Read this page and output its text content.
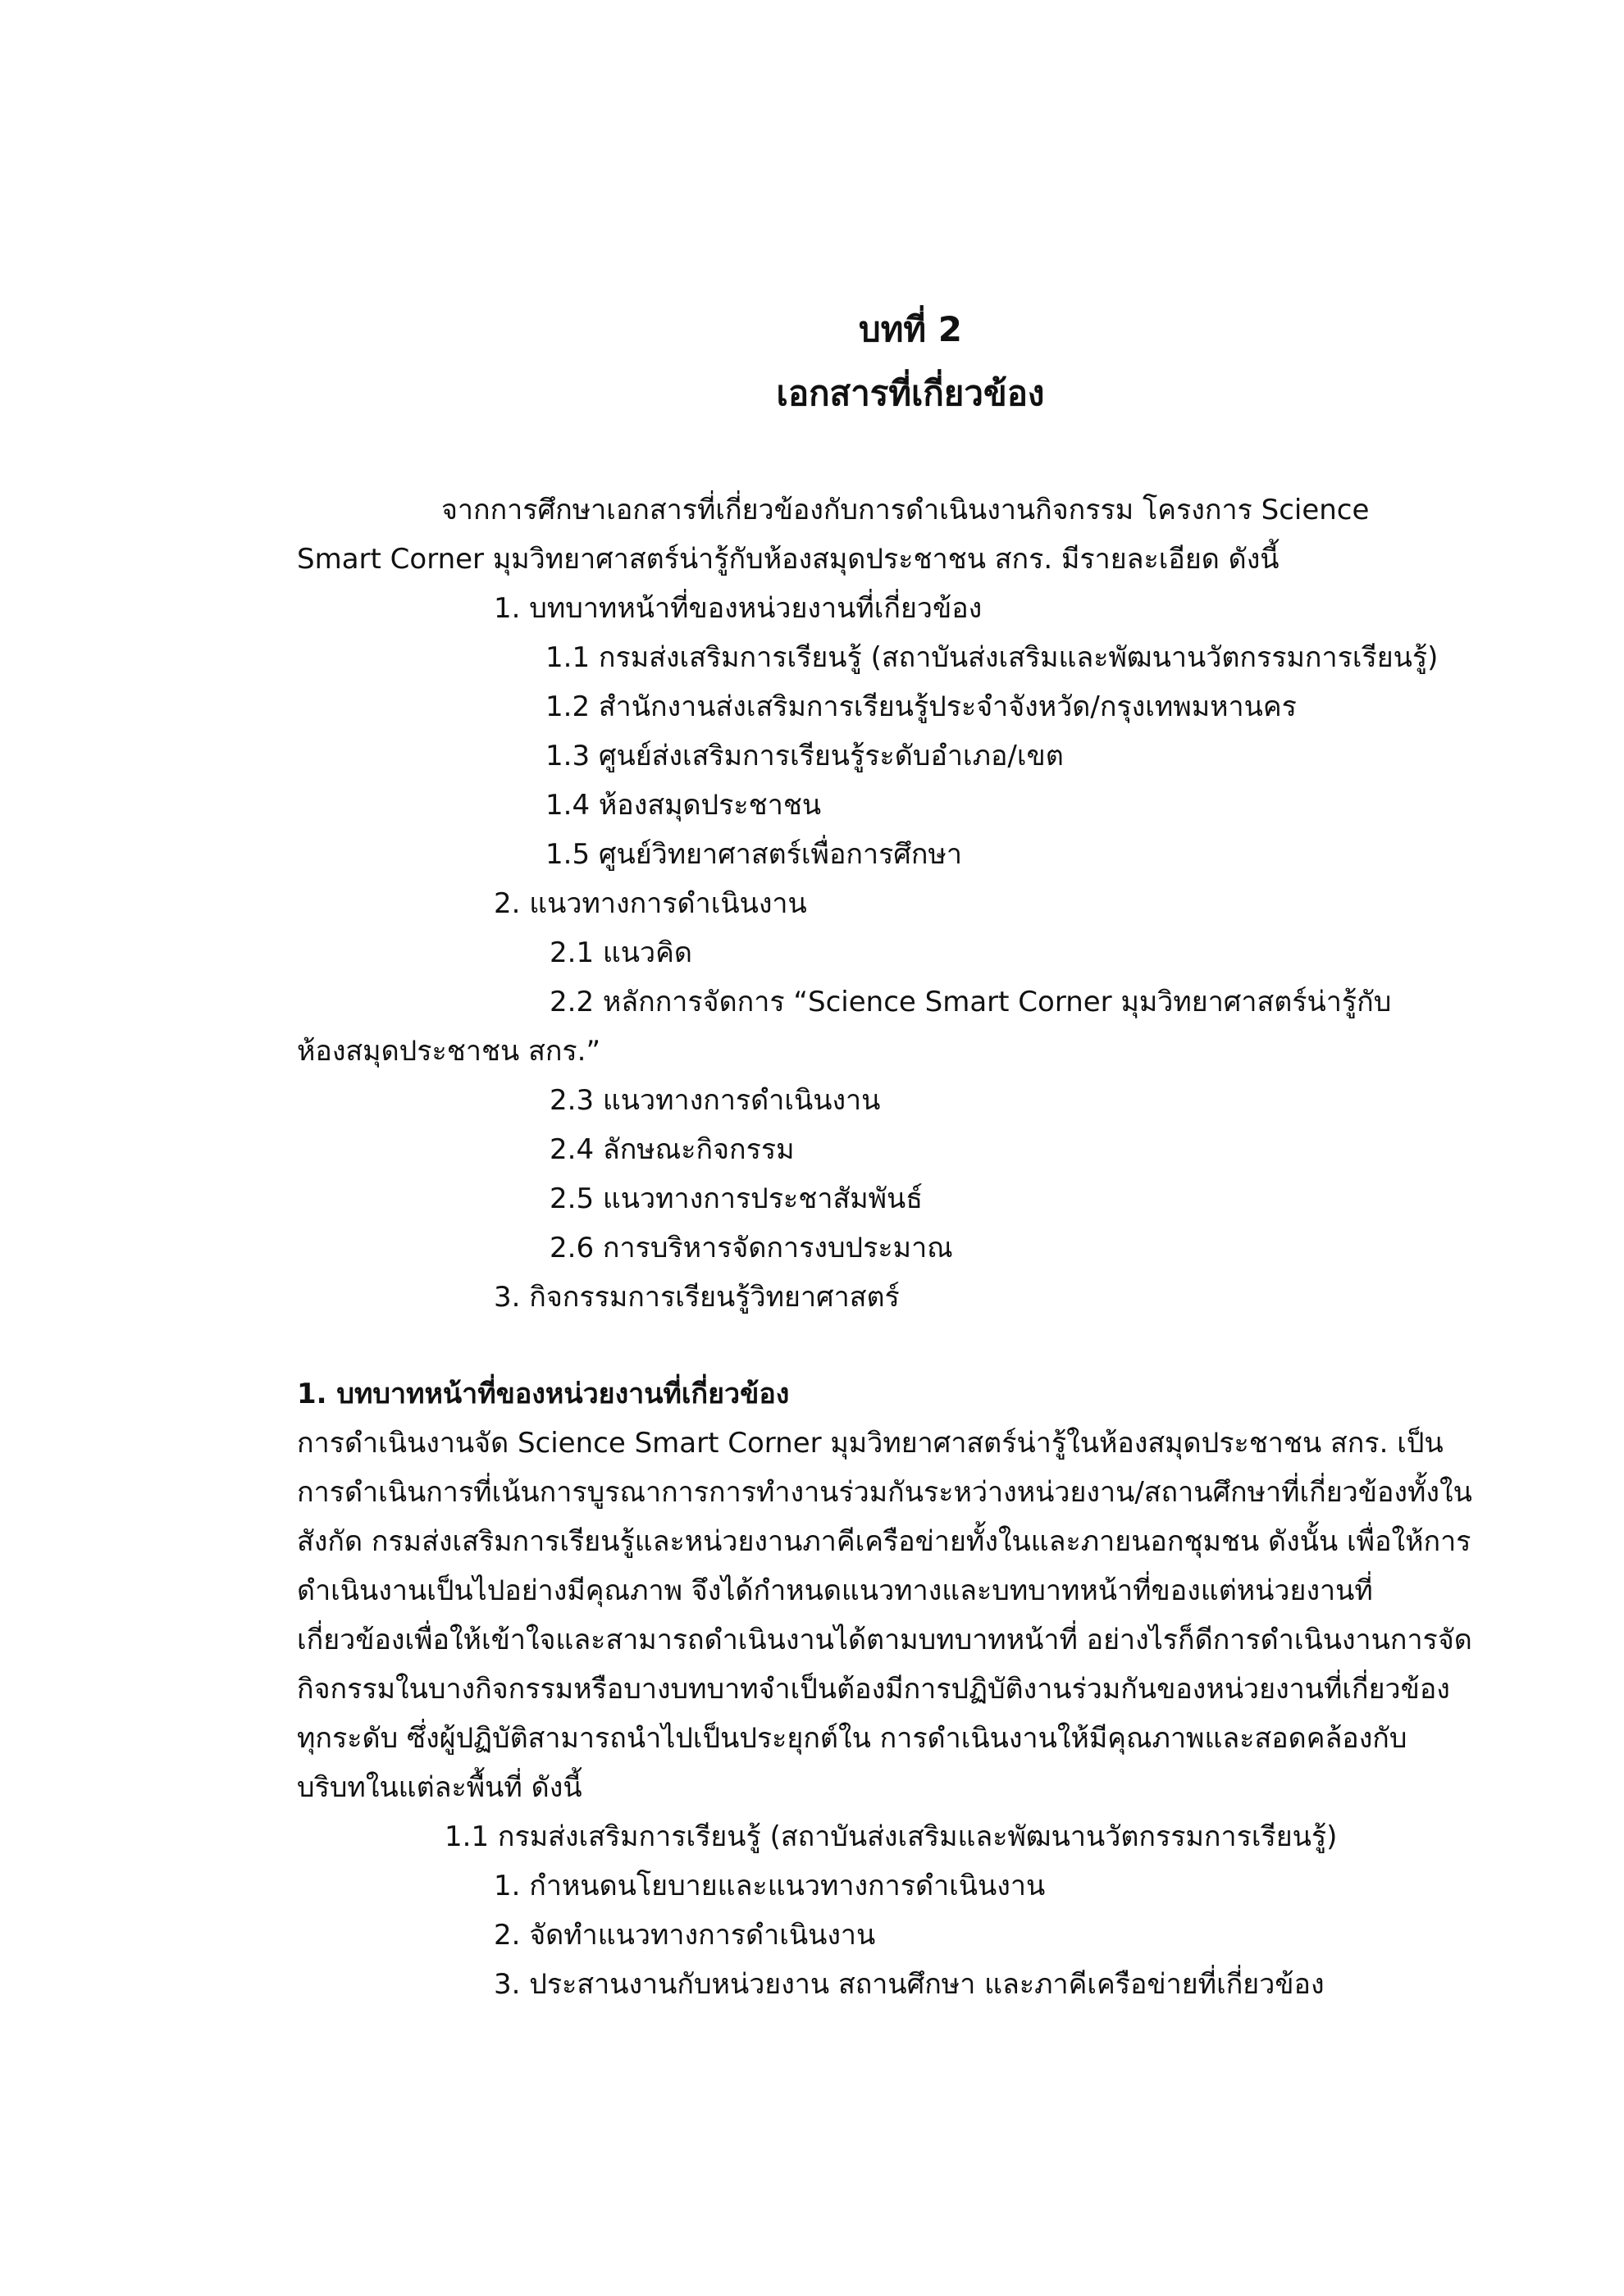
บทที่ 2
เอกสารที่เกี่ยวข้อง
จากการศึกษาเอกสารที่เกี่ยวข้องกับการดำเนินงานกิจกรรม โครงการ Science
Smart Corner มุมวิทยาศาสตร์น่ารู้กับห้องสมุดประชาชน สกร. มีรายละเอียด ดังนี้
1. บทบาทหน้าที่ของหน่วยงานที่เกี่ยวข้อง
1.1 กรมส่งเสริมการเรียนรู้ (สถาบันส่งเสริมและพัฒนานวัตกรรมการเรียนรู้)
1.2 สำนักงานส่งเสริมการเรียนรู้ประจำจังหวัด/กรุงเทพมหานคร
1.3 ศูนย์ส่งเสริมการเรียนรู้ระดับอำเภอ/เขต
1.4 ห้องสมุดประชาชน
1.5 ศูนย์วิทยาศาสตร์เพื่อการศึกษา
2. แนวทางการดำเนินงาน
2.1 แนวคิด
2.2 หลักการจัดการ “Science Smart Corner มุมวิทยาศาสตร์น่ารู้กับ
ห้องสมุดประชาชน สกร.”
2.3 แนวทางการดำเนินงาน
2.4 ลักษณะกิจกรรม
2.5 แนวทางการประชาสัมพันธ์
2.6 การบริหารจัดการงบประมาณ
3. กิจกรรมการเรียนรู้วิทยาศาสตร์
1. บทบาทหน้าที่ของหน่วยงานที่เกี่ยวข้อง
การดำเนินงานจัด Science Smart Corner มุมวิทยาศาสตร์น่ารู้ในห้องสมุดประชาชน สกร. เป็น
การดำเนินการที่เน้นการบูรณาการการทำงานร่วมกันระหว่างหน่วยงาน/สถานศึกษาที่เกี่ยวข้องทั้งใน
สังกัด กรมส่งเสริมการเรียนรู้และหน่วยงานภาคีเครือข่ายทั้งในและภายนอกชุมชน ดังนั้น เพื่อให้การ
ดำเนินงานเป็นไปอย่างมีคุณภาพ จึงได้กำหนดแนวทางและบทบาทหน้าที่ของแต่หน่วยงานที่
เกี่ยวข้องเพื่อให้เข้าใจและสามารถดำเนินงานได้ตามบทบาทหน้าที่ อย่างไรก็ดีการดำเนินงานการจัด
กิจกรรมในบางกิจกรรมหรือบางบทบาทจำเป็นต้องมีการปฏิบัติงานร่วมกันของหน่วยงานที่เกี่ยวข้อง
ทุกระดับ ซึ่งผู้ปฏิบัติสามารถนำไปเป็นประยุกต์ใน การดำเนินงานให้มีคุณภาพและสอดคล้องกับ
บริบทในแต่ละพื้นที่ ดังนี้
1.1 กรมส่งเสริมการเรียนรู้ (สถาบันส่งเสริมและพัฒนานวัตกรรมการเรียนรู้)
1. กำหนดนโยบายและแนวทางการดำเนินงาน
2. จัดทำแนวทางการดำเนินงาน
3. ประสานงานกับหน่วยงาน สถานศึกษา และภาคีเครือข่ายที่เกี่ยวข้อง
